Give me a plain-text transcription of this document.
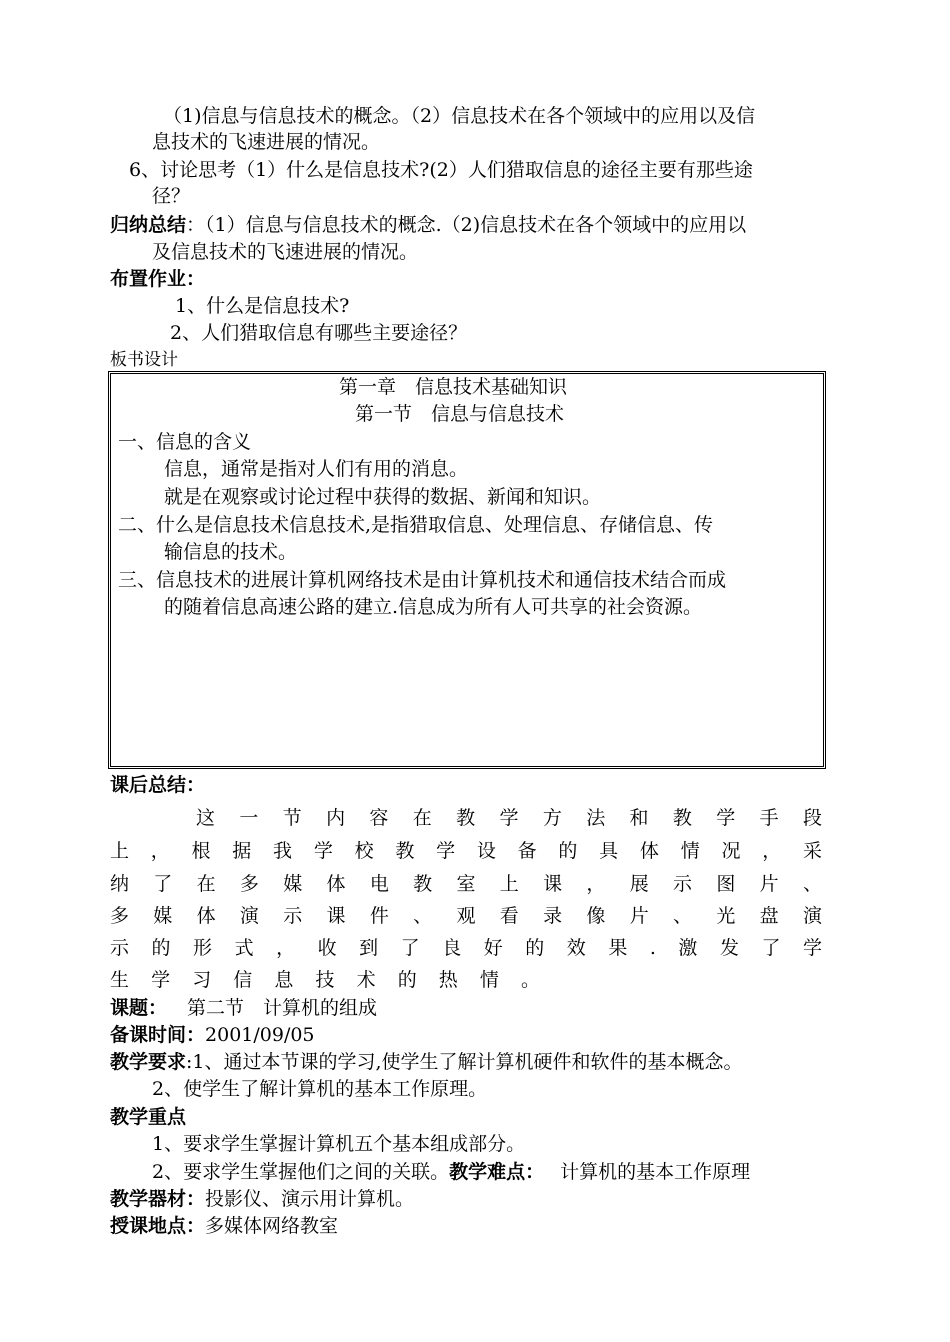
（1)信息与信息技术的概念。（2）信息技术在各个领域中的应用以及信
息技术的飞速进展的情况。
6、讨论思考（1）什么是信息技术?(2）人们猎取信息的途径主要有那些途
径？
归纳总结：（1）信息与信息技术的概念.（2)信息技术在各个领域中的应用以
及信息技术的飞速进展的情况。
布置作业：
1、什么是信息技术?
2、人们猎取信息有哪些主要途径？
板书设计
第一章　信息技术基础知识
第一节　信息与信息技术
一、信息的含义
信息，通常是指对人们有用的消息。
就是在观察或讨论过程中获得的数据、新闻和知识。
二、什么是信息技术信息技术,是指猎取信息、处理信息、存储信息、传
输信息的技术。
三、信息技术的进展计算机网络技术是由计算机技术和通信技术结合而成
的随着信息高速公路的建立.信息成为所有人可共享的社会资源。
课后总结：
这一节内容在教学方法和教学手段
上，根据我学校教学设备的具体情况，采
纳了在多媒体电教室上课，展示图片、
多媒体演示课件、观看录像片、光盘演
示的形式，收到了良好的效果.激发了学
生学习信息技术的热情。
课题： 第二节　计算机的组成
备课时间：2001/09/05
教学要求:1、通过本节课的学习,使学生了解计算机硬件和软件的基本概念。
2、使学生了解计算机的基本工作原理。
教学重点
1、要求学生掌握计算机五个基本组成部分。
2、要求学生掌握他们之间的关联。教学难点： 计算机的基本工作原理
教学器材：投影仪、演示用计算机。
授课地点：多媒体网络教室
